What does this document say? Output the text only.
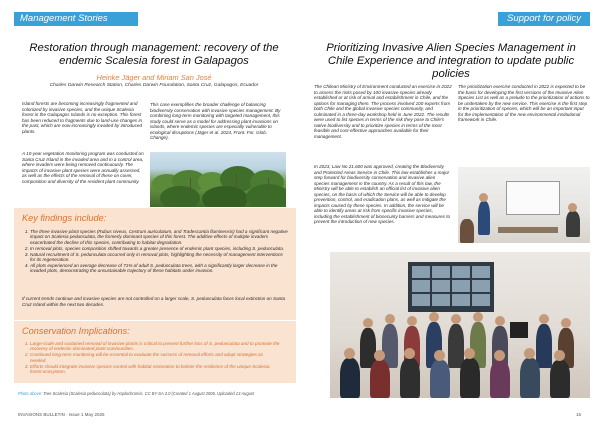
Management Stories
Restoration through management: recovery of the endemic Scalesia forest in Galapagos
Heinke Jäger and Miriam San José
Charles Darwin Research Station, Charles Darwin Foundation, Santa Cruz, Galapagos, Ecuador
Island forests are becoming increasingly fragmented and colonized by invasive species, and the unique Scalesia forest in the Galapagos Islands is no exception. This forest has been reduced to fragments due to land-use changes in the past, which are now increasingly invaded by introduced plants.
A 10-year vegetation monitoring program was conducted on Santa Cruz Island in the invaded area and in a control area, where invaders were being removed continuously. The impacts of invasive plant species were annually assessed, as well as the effects of the removal of these on cover, composition and diversity of the resident plant community.
This case exemplifies the broader challenge of balancing biodiversity conservation with invasive species management. By combining long-term monitoring with targeted management, this study could serve as a model for addressing plant invasions on islands, where endemic species are especially vulnerable to ecological disruptions (Jäger et al. 2024, Front. For. Glob. Change).
Key findings include:
1. The three invasive plant species (Rubus niveus, Cestrum auriculatum, and Tradescantia fluminensis) had a significant negative impact on Scalesia pedunculata, the formerly dominant species of this forest. The additive effects of multiple invaders exacerbated the decline of this species, contributing to habitat degradation.
2. In removal plots, species composition shifted towards a greater presence of endemic plant species, including S. pedunculata.
3. Natural recruitment of S. pedunculata occurred only in removal plots, highlighting the necessity of management interventions for its regeneration.
4. All plots experienced an average decrease of 71% of adult S. pedunculata trees, with a significantly larger decrease in the invaded plots, demonstrating the unsustainable trajectory of these habitats under invasion.
If current trends continue and invasive species are not controlled on a larger scale, S. pedunculata faces local extinction on Santa Cruz Island within the next two decades.
Conservation Implications:
1. Large-scale and sustained removal of invasive plants is critical to prevent further loss of S. pedunculata and to promote the recovery of endemic-dominated plant communities.
2. Continued long-term monitoring will be essential to evaluate the success of removal efforts and adapt strategies as needed.
3. Efforts should integrate invasive species control with habitat restoration to bolster the resilience of the unique Scalesia forest ecosystem.
Photo above: Tree Scalesia (Scalesia pedunculata) by Haplochromis. CC BY-SA 3.0 (Created 1 August 2006. Uploaded 13 August
INVASIONS BULLETIN · Issue 1 May 2025
Support for policy
Prioritizing Invasive Alien Species Management in Chile Experience and integration to update public policies
The Chilean Ministry of Environment conducted an exercise in 2022 to assess the risks posed by 100 invasive species already established or at risk of arrival and establishment in Chile, and the options for managing them. The process involved 100 experts from both Chile and the global invasive species community, and culminated in a three-day workshop held in June 2022. The results were used to list species in terms of the risk they pose to Chile's native biodiversity and to prioritize species in terms of the most feasible and cost-effective approaches available for their management.
In 2023, Law No 21.600 was approved, creating the Biodiversity and Protected Areas Service in Chile. This law establishes a major step forward for biodiversity conservation and invasive alien species management in the country. As a result of this law, the Ministry will be able to establish an official list of invasive alien species, on the basis of which the Service will be able to develop prevention, control, and eradication plans, as well as mitigate the impacts caused by these species. In addition, the service will be able to identify areas at risk from specific invasive species, including the establishment of biosecurity barriers and measures to prevent the introduction of new species.
The prioritization exercise conducted in 2022 is expected to be the basis for developing the first versions of the Invasive Alien Species List as well as a prelude to the prioritization of actions to be undertaken by the new service. This exercise is the first step in the prioritization of species, which will be an important input for the implementation of the new environmental institutional framework in Chile.
15
